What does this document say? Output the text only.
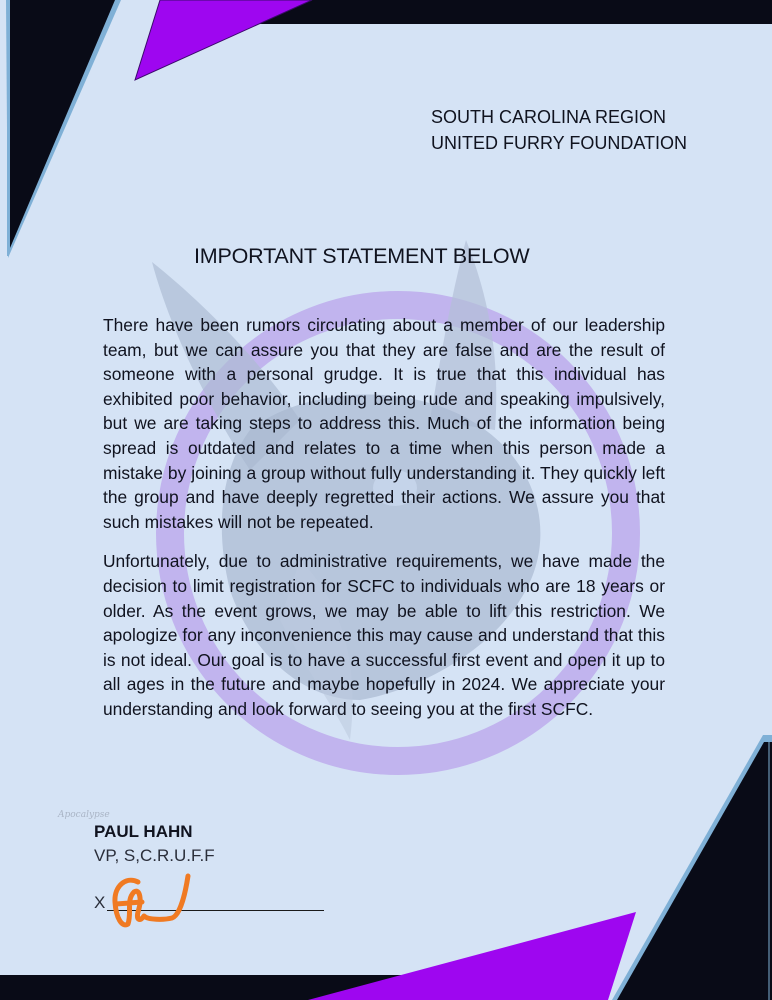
SOUTH CAROLINA REGION
UNITED FURRY FOUNDATION
IMPORTANT STATEMENT BELOW

There have been rumors circulating about a member of our leadership team, but we can assure you that they are false and are the result of someone with a personal grudge. It is true that this individual has exhibited poor behavior, including being rude and speaking impulsively, but we are taking steps to address this. Much of the information being spread is outdated and relates to a time when this person made a mistake by joining a group without fully understanding it. They quickly left the group and have deeply regretted their actions. We assure you that such mistakes will not be repeated.

Unfortunately, due to administrative requirements, we have made the decision to limit registration for SCFC to individuals who are 18 years or older. As the event grows, we may be able to lift this restriction. We apologize for any inconvenience this may cause and understand that this is not ideal. Our goal is to have a successful first event and open it up to all ages in the future and maybe hopefully in 2024. We appreciate your understanding and look forward to seeing you at the first SCFC.

Apocalypse
PAUL HAHN
VP, S,C.R.U.F.F
X
